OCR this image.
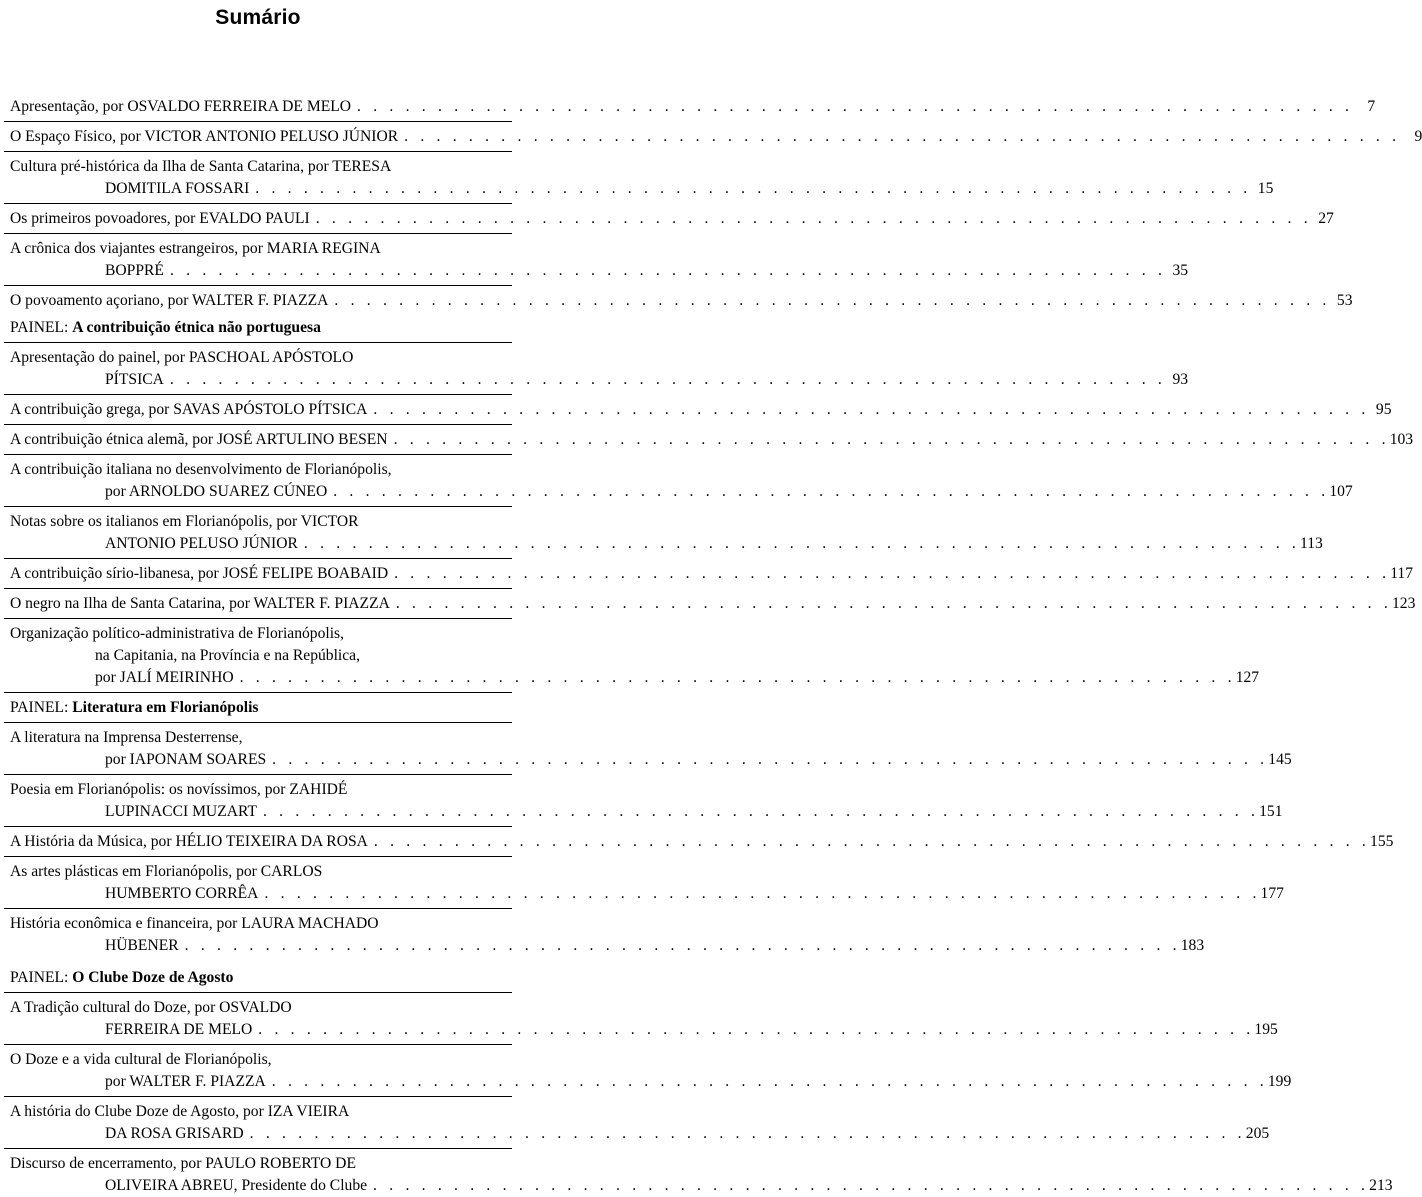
Sumário
Apresentação, por OSVALDO FERREIRA DE MELO . . . . . . . . . . . . . . . . . . . . . . . . . . . . . . . . . . . . . . . . . . . . . . . . . . . . . . . . . . . . . . 7
O Espaço Físico, por VICTOR ANTONIO PELUSO JÚNIOR . . . . . . . . . . . . . . . . . . . . . . . . . . . . . . . . . . . . . . . . . . . . . . . . . . . . . . . . . . . . . . 9
Cultura pré-histórica da Ilha de Santa Catarina, por TERESA
DOMITILA FOSSARI . . . . . . . . . . . . . . . . . . . . . . . . . . . . . . . . . . . . . . . . . . . . . . . . . . . . . . . . . . . . . . 15
Os primeiros povoadores, por EVALDO PAULI . . . . . . . . . . . . . . . . . . . . . . . . . . . . . . . . . . . . . . . . . . . . . . . . . . . . . . . . . . . . . . 27
A crônica dos viajantes estrangeiros, por MARIA REGINA
BOPPRÉ . . . . . . . . . . . . . . . . . . . . . . . . . . . . . . . . . . . . . . . . . . . . . . . . . . . . . . . . . . . . . . 35
O povoamento açoriano, por WALTER F. PIAZZA . . . . . . . . . . . . . . . . . . . . . . . . . . . . . . . . . . . . . . . . . . . . . . . . . . . . . . . . . . . . . . 53
PAINEL: A contribuição étnica não portuguesa
Apresentação do painel, por PASCHOAL APÓSTOLO
PÍTSICA . . . . . . . . . . . . . . . . . . . . . . . . . . . . . . . . . . . . . . . . . . . . . . . . . . . . . . . . . . . . . . 93
A contribuição grega, por SAVAS APÓSTOLO PÍTSICA . . . . . . . . . . . . . . . . . . . . . . . . . . . . . . . . . . . . . . . . . . . . . . . . . . . . . . . . . . . . . . 95
A contribuição étnica alemã, por JOSÉ ARTULINO BESEN . . . . . . . . . . . . . . . . . . . . . . . . . . . . . . . . . . . . . . . . . . . . . . . . . . . . . . . . . . . . . . 103
A contribuição italiana no desenvolvimento de Florianópolis,
por ARNOLDO SUAREZ CÚNEO . . . . . . . . . . . . . . . . . . . . . . . . . . . . . . . . . . . . . . . . . . . . . . . . . . . . . . . . . . . . . . 107
Notas sobre os italianos em Florianópolis, por VICTOR
ANTONIO PELUSO JÚNIOR . . . . . . . . . . . . . . . . . . . . . . . . . . . . . . . . . . . . . . . . . . . . . . . . . . . . . . . . . . . . . . 113
A contribuição sírio-libanesa, por JOSÉ FELIPE BOABAID . . . . . . . . . . . . . . . . . . . . . . . . . . . . . . . . . . . . . . . . . . . . . . . . . . . . . . . . . . . . . . 117
O negro na Ilha de Santa Catarina, por WALTER F. PIAZZA . . . . . . . . . . . . . . . . . . . . . . . . . . . . . . . . . . . . . . . . . . . . . . . . . . . . . . . . . . . . . . 123
Organização político-administrativa de Florianópolis,
na Capitania, na Província e na República,
por JALÍ MEIRINHO . . . . . . . . . . . . . . . . . . . . . . . . . . . . . . . . . . . . . . . . . . . . . . . . . . . . . . . . . . . . . . 127
PAINEL: Literatura em Florianópolis
A literatura na Imprensa Desterrense,
por IAPONAM SOARES . . . . . . . . . . . . . . . . . . . . . . . . . . . . . . . . . . . . . . . . . . . . . . . . . . . . . . . . . . . . . . 145
Poesia em Florianópolis: os novíssimos, por ZAHIDÉ
LUPINACCI MUZART . . . . . . . . . . . . . . . . . . . . . . . . . . . . . . . . . . . . . . . . . . . . . . . . . . . . . . . . . . . . . . 151
A História da Música, por HÉLIO TEIXEIRA DA ROSA . . . . . . . . . . . . . . . . . . . . . . . . . . . . . . . . . . . . . . . . . . . . . . . . . . . . . . . . . . . . . . 155
As artes plásticas em Florianópolis, por CARLOS
HUMBERTO CORRÊA . . . . . . . . . . . . . . . . . . . . . . . . . . . . . . . . . . . . . . . . . . . . . . . . . . . . . . . . . . . . . . 177
História econômica e financeira, por LAURA MACHADO
HÜBENER . . . . . . . . . . . . . . . . . . . . . . . . . . . . . . . . . . . . . . . . . . . . . . . . . . . . . . . . . . . . . . 183
PAINEL: O Clube Doze de Agosto
A Tradição cultural do Doze, por OSVALDO
FERREIRA DE MELO . . . . . . . . . . . . . . . . . . . . . . . . . . . . . . . . . . . . . . . . . . . . . . . . . . . . . . . . . . . . . . 195
O Doze e a vida cultural de Florianópolis,
por WALTER F. PIAZZA . . . . . . . . . . . . . . . . . . . . . . . . . . . . . . . . . . . . . . . . . . . . . . . . . . . . . . . . . . . . . . 199
A história do Clube Doze de Agosto, por IZA VIEIRA
DA ROSA GRISARD . . . . . . . . . . . . . . . . . . . . . . . . . . . . . . . . . . . . . . . . . . . . . . . . . . . . . . . . . . . . . . 205
Discurso de encerramento, por PAULO ROBERTO DE
OLIVEIRA ABREU, Presidente do Clube . . . . . . . . . . . . . . . . . . . . . . . . . . . . . . . . . . . . . . . . . . . . . . . . . . . . . . . . . . . . . . 213
